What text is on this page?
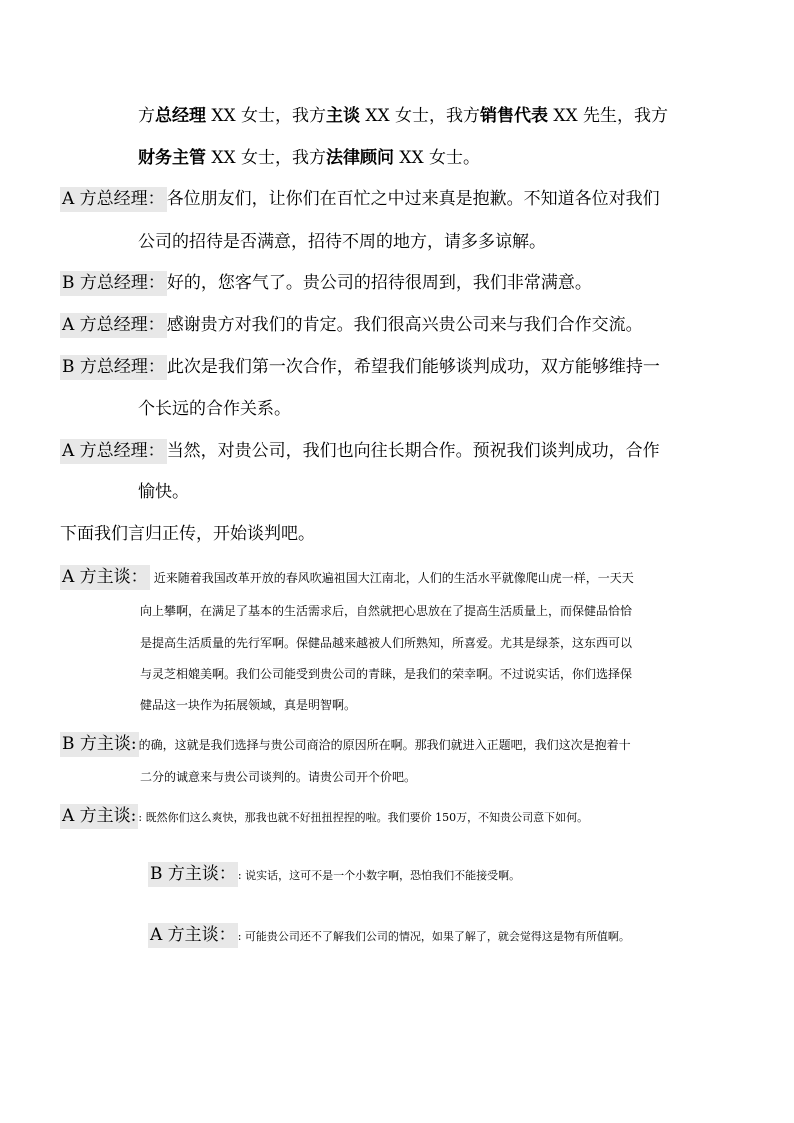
方总经理 XX 女士，我方主谈 XX 女士，我方销售代表 XX 先生，我方
财务主管 XX 女士，我方法律顾问 XX 女士。
A 方总经理： 各位朋友们，让你们在百忙之中过来真是抱歉。不知道各位对我们
公司的招待是否满意，招待不周的地方，请多多谅解。
B 方总经理： 好的，您客气了。贵公司的招待很周到，我们非常满意。
A 方总经理： 感谢贵方对我们的肯定。我们很高兴贵公司来与我们合作交流。
B 方总经理： 此次是我们第一次合作，希望我们能够谈判成功，双方能够维持一
个长远的合作关系。
A 方总经理： 当然，对贵公司，我们也向往长期合作。预祝我们谈判成功，合作
愉快。
下面我们言归正传，开始谈判吧。
A 方主谈： 近来随着我国改革开放的春风吹遍祖国大江南北，人们的生活水平就像爬山虎一样，一天天
向上攀啊，在满足了基本的生活需求后，自然就把心思放在了提高生活质量上，而保健品恰恰
是提高生活质量的先行军啊。保健品越来越被人们所熟知，所喜爱。尤其是绿茶，这东西可以
与灵芝相媲美啊。我们公司能受到贵公司的青睐，是我们的荣幸啊。不过说实话，你们选择保
健品这一块作为拓展领域，真是明智啊。
B 方主谈: 的确，这就是我们选择与贵公司商洽的原因所在啊。那我们就进入正题吧，我们这次是抱着十
二分的诚意来与贵公司谈判的。请贵公司开个价吧。
A 方主谈: : 既然你们这么爽快，那我也就不好扭扭捏捏的啦。我们要价 150万，不知贵公司意下如何。
B 方主谈： : 说实话，这可不是一个小数字啊，恐怕我们不能接受啊。
A 方主谈： : 可能贵公司还不了解我们公司的情况，如果了解了，就会觉得这是物有所值啊。
